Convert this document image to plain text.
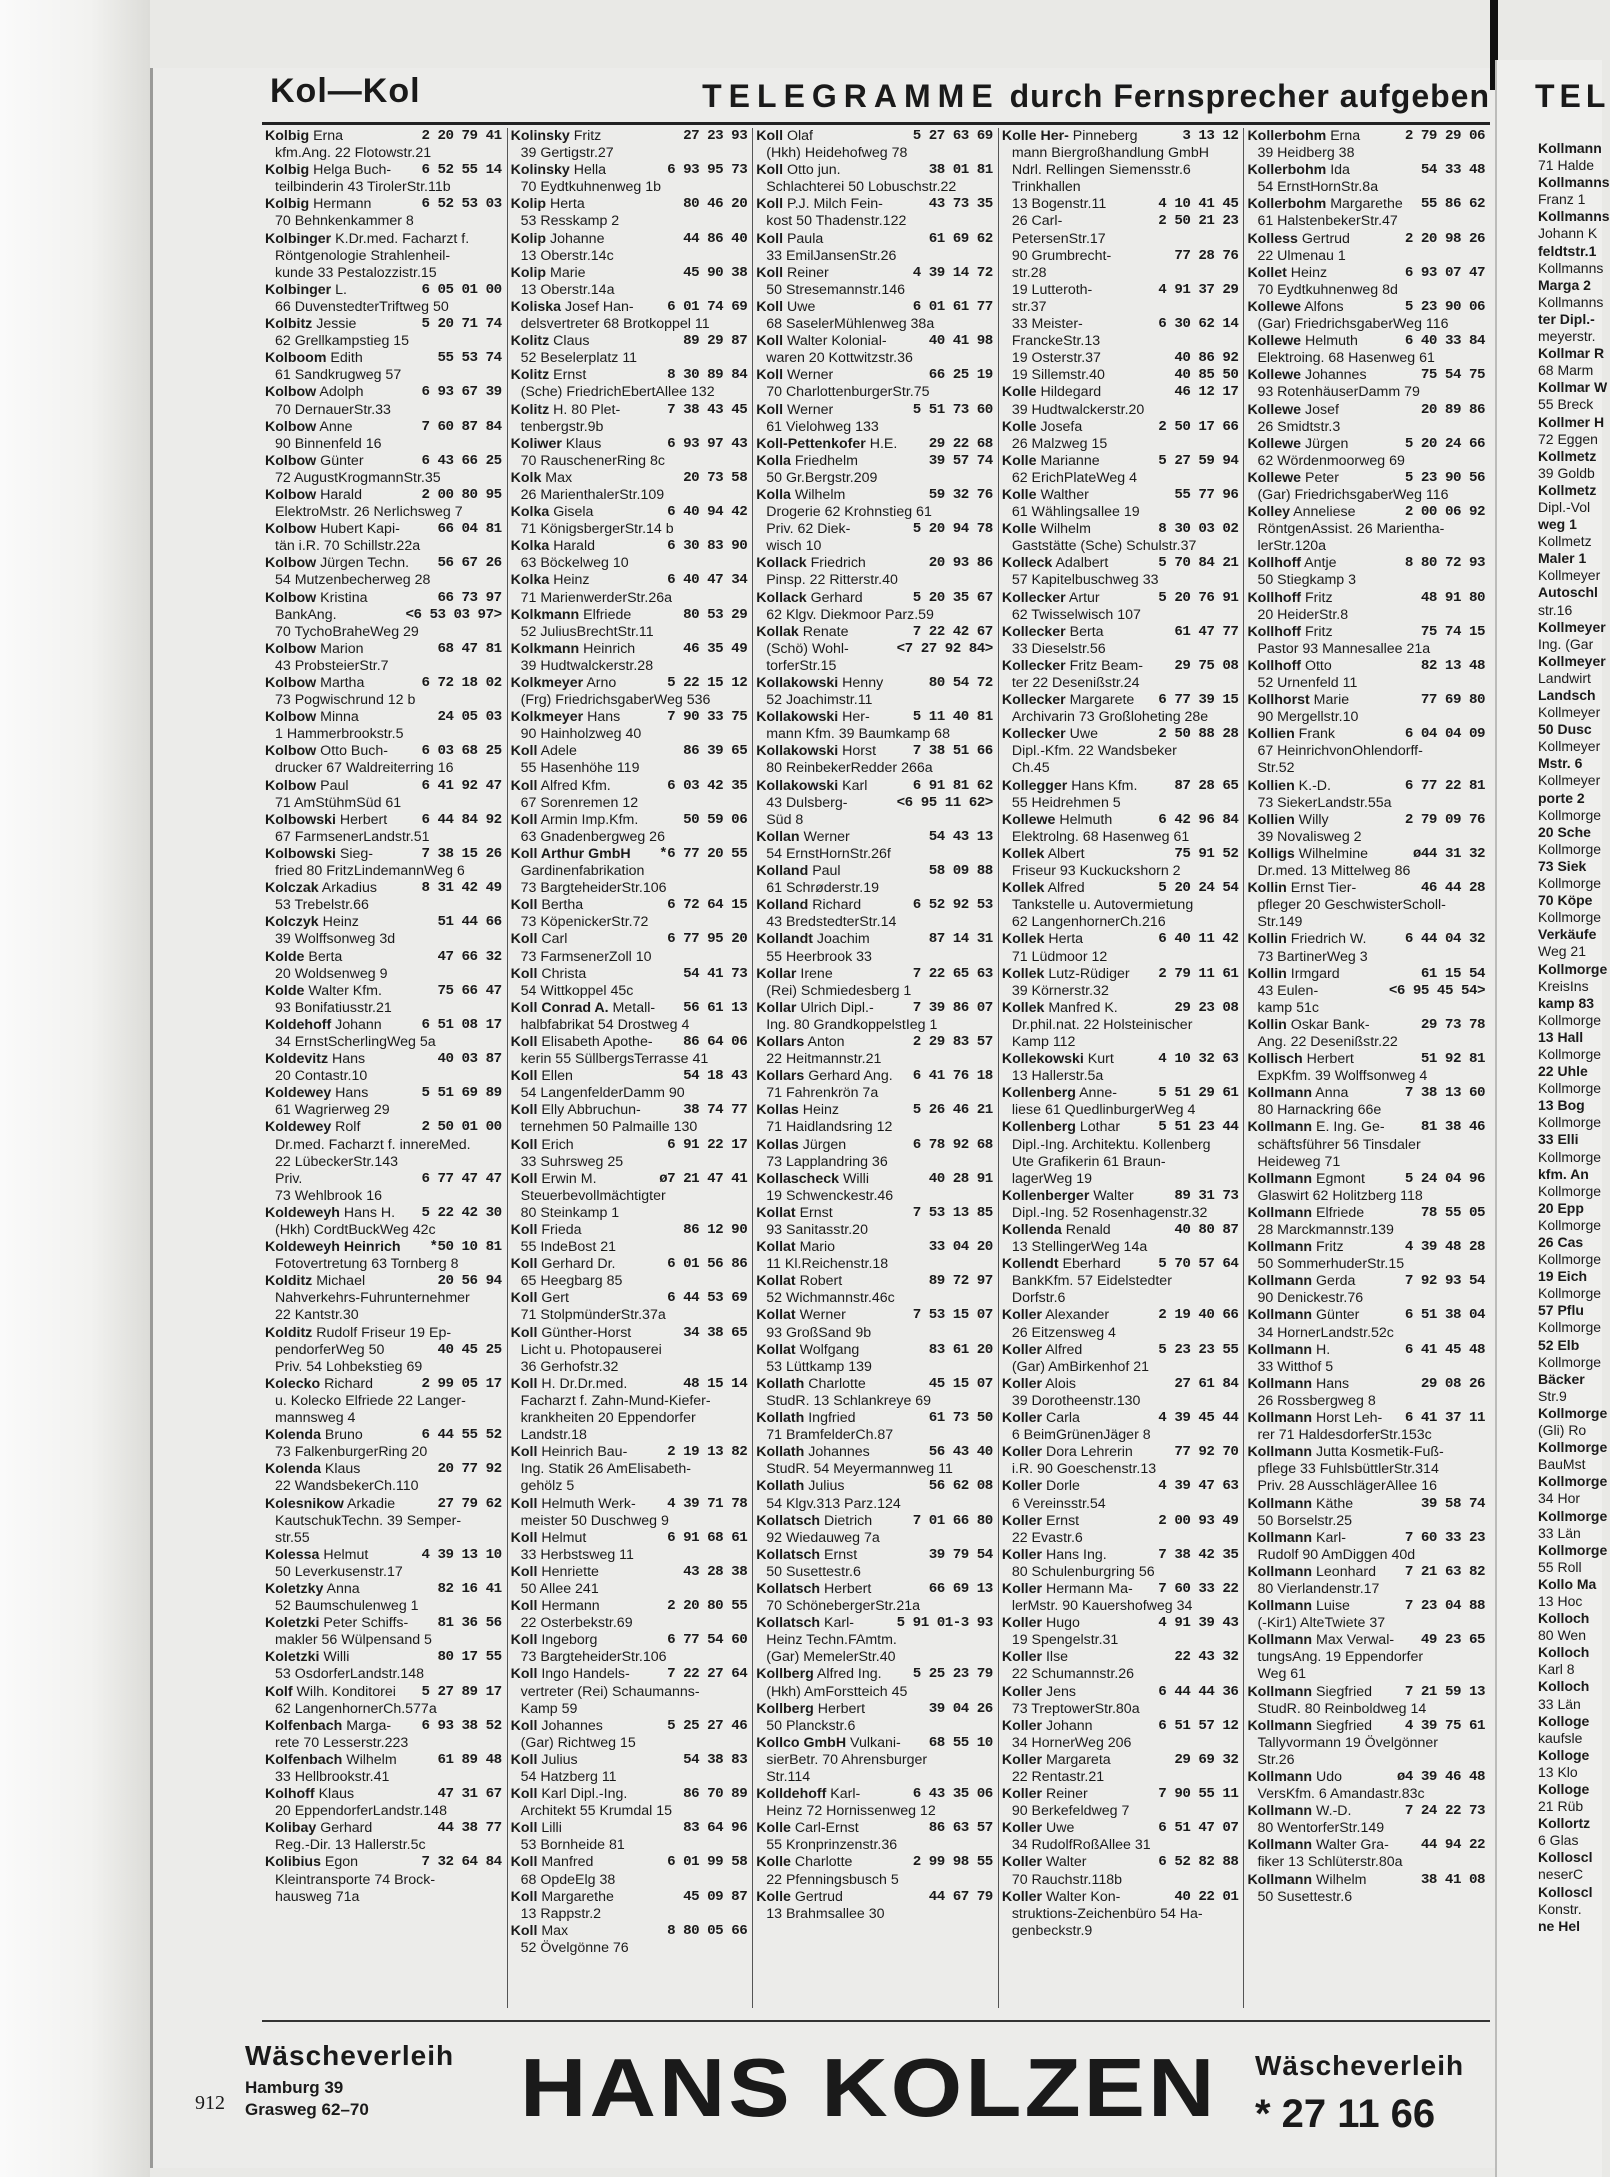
Kol—Kol	TELEGRAMME durch Fernsprecher aufgeben
Kolbig Erna	2 20 79 41
kfm.Ang. 22 Flotowstr.21
Kolbig Helga Buch- 6 52 55 14
teilbinderin 43 TirolerStr.11b
Kolbig Hermann	6 52 53 03
70 Behnkenkammer 8
Kolbinger K.Dr.med. Facharzt f.
Röntgenologie Strahlenheil-
kunde 33 Pestalozzistr.15
Kolbinger L.	6 05 01 00
66 DuvenstedterTriftweg 50
Kolbitz Jessie	5 20 71 74
62 Grellkampstieg 15
Kolboom Edith	55 53 74
61 Sandkrugweg 57
Kolbow Adolph	6 93 67 39
70 DernauerStr.33
Kolbow Anne	7 60 87 84
90 Binnenfeld 16
Kolbow Günter	6 43 66 25
72 AugustKrogmannStr.35
Kolbow Harald	2 00 80 95
ElektroMstr. 26 Nerlichsweg 7
Kolbow Hubert Kapi-	66 04 81
tän i.R. 70 Schillstr.22a
Kolbow Jürgen Techn. 56 67 26
54 Mutzenbecherweg 28
Kolbow Kristina	66 73 97
BankAng.	<6 53 03 97>
70 TychoBraheWeg 29
Kolbow Marion	68 47 81
43 ProbsteierStr.7
Kolbow Martha	6 72 18 02
73 Pogwischrund 12 b
Kolbow Minna	24 05 03
1 Hammerbrookstr.5
Kolbow Otto Buch- 6 03 68 25
drucker 67 Waldreiterring 16
Kolbow Paul	6 41 92 47
71 AmStühmSüd 61
Kolbowski Herbert 6 44 84 92
67 FarmsenerLandstr.51
Kolbowski Sieg-	7 38 15 26
fried 80 FritzLindemannWeg 6
Kolczak Arkadius	8 31 42 49
53 Trebelstr.66
Kolczyk Heinz	51 44 66
39 Wolffsonweg 3d
Kolde Berta	47 66 32
20 Woldsenweg 9
Kolde Walter Kfm.	75 66 47
93 Bonifatiusstr.21
Koldehoff Johann	6 51 08 17
34 ErnstScherlingWeg 5a
Koldevitz Hans	40 03 87
20 Contastr.10
Koldewey Hans	5 51 69 89
61 Wagrierweg 29
Koldewey Rolf	2 50 01 00
Dr.med. Facharzt f. innereMed.
22 LübeckerStr.143
Priv.	6 77 47 47
73 Wehlbrook 16
Koldeweyh Hans H. 5 22 42 30
(Hkh) CordtBuckWeg 42c
Koldeweyh Heinrich *50 10 81
Fotovertretung 63 Tornberg 8
Kolditz Michael	20 56 94
Nahverkehrs-Fuhrunternehmer
22 Kantstr.30
Kolditz Rudolf Friseur 19 Ep-
pendorferWeg 50	40 45 25
Priv. 54 Lohbekstieg 69
Kolecko Richard	2 99 05 17
u. Kolecko Elfriede 22 Langer-
mannsweg 4
Kolenda Bruno	6 44 55 52
73 FalkenburgerRing 20
Kolenda Klaus	20 77 92
22 WandsbekerCh.110
Kolesnikow Arkadie	27 79 62
KautschukTechn. 39 Semper-
str.55
Kolessa Helmut	4 39 13 10
50 Leverkusenstr.17
Koletzky Anna	82 16 41
52 Baumschulenweg 1
Koletzki Peter Schiffs- 81 36 56
makler 56 Wülpensand 5
Koletzki Willi	80 17 55
53 OsdorferLandstr.148
Kolf Wilh. Konditorei 5 27 89 17
62 LangenhornerCh.577a
Kolfenbach Marga- 6 93 38 52
rete 70 Lesserstr.223
Kolfenbach Wilhelm	61 89 48
33 Hellbrookstr.41
Kolhoff Klaus	47 31 67
20 EppendorferLandstr.148
Kolibay Gerhard	44 38 77
Reg.-Dir. 13 Hallerstr.5c
Kolibius Egon	7 32 64 84
Kleintransporte 74 Brock-
hausweg 71a
Kolinsky Fritz	27 23 93
39 Gertigstr.27
Kolinsky Hella	6 93 95 73
70 Eydtkuhnenweg 1b
Kolip Herta	80 46 20
53 Resskamp 2
Kolip Johanne	44 86 40
13 Oberstr.14c
Kolip Marie	45 90 38
13 Oberstr.14a
Koliska Josef Han- 6 01 74 69
delsvertreter 68 Brotkoppel 11
Kolitz Claus	89 29 87
52 Beselerplatz 11
Kolitz Ernst	8 30 89 84
(Sche) FriedrichEbertAllee 132
Kolitz H. 80 Plet-	7 38 43 45
tenbergstr.9b
Koliwer Klaus	6 93 97 43
70 RauschenerRing 8c
Kolk Max	20 73 58
26 MarienthalerStr.109
Kolka Gisela	6 40 94 42
71 KönigsbergerStr.14 b
Kolka Harald	6 30 83 90
63 Böckelweg 10
Kolka Heinz	6 40 47 34
71 MarienwerderStr.26a
Kolkmann Elfriede	80 53 29
52 JuliusBrechtStr.11
Kolkmann Heinrich	46 35 49
39 Hudtwalckerstr.28
Kolkmeyer Arno	5 22 15 12
(Frg) FriedrichsgaberWeg 536
Kolkmeyer Hans	7 90 33 75
90 Hainholzweg 40
Koll Adele	86 39 65
55 Hasenhöhe 119
Koll Alfred Kfm.	6 03 42 35
67 Sorenremen 12
Koll Armin Imp.Kfm.	50 59 06
63 Gnadenbergweg 26
Koll Arthur GmbH *6 77 20 55
Gardinenfabrikation
73 BargteheiderStr.106
Koll Bertha	6 72 64 15
73 KöpenickerStr.72
Koll Carl	6 77 95 20
73 FarmsenerZoll 10
Koll Christa	54 41 73
54 Wittkoppel 45c
Koll Conrad A. Metall- 56 61 13
halbfabrikat 54 Drostweg 4
Koll Elisabeth Apothe- 86 64 06
kerin 55 SüllbergsTerrasse 41
Koll Ellen	54 18 43
54 LangenfelderDamm 90
Koll Elly Abbruchun-	38 74 77
ternehmen 50 Palmaille 130
Koll Erich	6 91 22 17
33 Suhrsweg 25
Koll Erwin M.	ø7 21 47 41
Steuerbevollmächtigter
80 Steinkamp 1
Koll Frieda	86 12 90
55 IndeBost 21
Koll Gerhard Dr.	6 01 56 86
65 Heegbarg 85
Koll Gert	6 44 53 69
71 StolpmünderStr.37a
Koll Günther-Horst	34 38 65
Licht u. Photopauserei
36 Gerhofstr.32
Koll H. Dr.Dr.med.	48 15 14
Facharzt f. Zahn-Mund-Kiefer-
krankheiten 20 Eppendorfer
Landstr.18
Koll Heinrich Bau-	2 19 13 82
Ing. Statik 26 AmElisabeth-
gehölz 5
Koll Helmuth Werk- 4 39 71 78
meister 50 Duschweg 9
Koll Helmut	6 91 68 61
33 Herbstsweg 11
Koll Henriette	43 28 38
50 Allee 241
Koll Hermann	2 20 80 55
22 Osterbekstr.69
Koll Ingeborg	6 77 54 60
73 BargteheiderStr.106
Koll Ingo Handels-	7 22 27 64
vertreter (Rei) Schaumanns-
Kamp 59
Koll Johannes	5 25 27 46
(Gar) Richtweg 15
Koll Julius	54 38 83
54 Hatzberg 11
Koll Karl Dipl.-Ing.	86 70 89
Architekt 55 Krumdal 15
Koll Lilli	83 64 96
53 Bornheide 81
Koll Manfred	6 01 99 58
68 OpdeElg 38
Koll Margarethe	45 09 87
13 Rappstr.2
Koll Max	8 80 05 66
52 Övelgönne 76
Koll Olaf	5 27 63 69
(Hkh) Heidehofweg 78
Koll Otto jun.	38 01 81
Schlachterei 50 Lobuschstr.22
Koll P.J. Milch Fein-	43 73 35
kost 50 Thadenstr.122
Koll Paula	61 69 62
33 EmilJansenStr.26
Koll Reiner	4 39 14 72
50 Stresemannstr.146
Koll Uwe	6 01 61 77
68 SaselerMühlenweg 38a
Koll Walter Kolonial-	40 41 98
waren 20 Kottwitzstr.36
Koll Werner	66 25 19
70 CharlottenburgerStr.75
Koll Werner	5 51 73 60
61 Vielohweg 133
Koll-Pettenkofer H.E. 29 22 68
Kolla Friedhelm	39 57 74
50 Gr.Bergstr.209
Kolla Wilhelm	59 32 76
Drogerie 62 Krohnstieg 61
Priv. 62 Diek-	5 20 94 78
wisch 10
Kollack Friedrich	20 93 86
Pinsp. 22 Ritterstr.40
Kollack Gerhard	5 20 35 67
62 Klgv. Diekmoor Parz.59
Kollak Renate	7 22 42 67
(Schö) Wohl-	<7 27 92 84>
torferStr.15
Kollakowski Henny	80 54 72
52 Joachimstr.11
Kollakowski Her-	5 11 40 81
mann Kfm. 39 Baumkamp 68
Kollakowski Horst	7 38 51 66
80 ReinbekerRedder 266a
Kollakowski Karl	6 91 81 62
43 Dulsberg-	<6 95 11 62>
Süd 8
Kollan Werner	54 43 13
54 ErnstHornStr.26f
Kolland Paul	58 09 88
61 Schrøderstr.19
Kolland Richard	6 52 92 53
43 BredstedterStr.14
Kollandt Joachim	87 14 31
55 Heerbrook 33
Kollar Irene	7 22 65 63
(Rei) Schmiedesberg 1
Kollar Ulrich Dipl.-	7 39 86 07
Ing. 80 GrandkoppelstIeg 1
Kollars Anton	2 29 83 57
22 Heitmannstr.21
Kollars Gerhard Ang. 6 41 76 18
71 Fahrenkrön 7a
Kollas Heinz	5 26 46 21
71 Haidlandsring 12
Kollas Jürgen	6 78 92 68
73 Lapplandring 36
Kollascheck Willi	40 28 91
19 Schwenckestr.46
Kollat Ernst	7 53 13 85
93 Sanitasstr.20
Kollat Mario	33 04 20
11 Kl.Reichenstr.18
Kollat Robert	89 72 97
52 Wichmannstr.46c
Kollat Werner	7 53 15 07
93 GroßSand 9b
Kollat Wolfgang	83 61 20
53 Lüttkamp 139
Kollath Charlotte	45 15 07
StudR. 13 Schlankreye 69
Kollath Ingfried	61 73 50
71 BramfelderCh.87
Kollath Johannes	56 43 40
StudR. 54 Meyermannweg 11
Kollath Julius	56 62 08
54 Klgv.313 Parz.124
Kollatsch Dietrich	7 01 66 80
92 Wiedauweg 7a
Kollatsch Ernst	39 79 54
50 Susettestr.6
Kollatsch Herbert	66 69 13
70 SchönebergerStr.21a
Kollatsch Karl-	5 91 01-3 93
Heinz Techn.FAmtm.
(Gar) MemelerStr.40
Kollberg Alfred Ing. 5 25 23 79
(Hkh) AmForstteich 45
Kollberg Herbert	39 04 26
50 Planckstr.6
Kollco GmbH Vulkani- 68 55 10
sierBetr. 70 Ahrensburger
Str.114
Kolldehoff Karl-	6 43 35 06
Heinz 72 Hornissenweg 12
Kolle Carl-Ernst	86 63 57
55 Kronprinzenstr.36
Kolle Charlotte	2 99 98 55
22 Pfenningsbusch 5
Kolle Gertrud	44 67 79
13 Brahmsallee 30
Kolle Her- Pinneberg	3 13 12
mann Biergroßhandlung GmbH
Ndrl. Rellingen Siemensstr.6
Trinkhallen
13 Bogenstr.11	4 10 41 45
26 Carl-	2 50 21 23
PetersenStr.17
90 Grumbrecht-	77 28 76
str.28
19 Lutteroth-	4 91 37 29
str.37
33 Meister-	6 30 62 14
FranckeStr.13
19 Osterstr.37	40 86 92
19 Sillemstr.40	40 85 50
Kolle Hildegard	46 12 17
39 Hudtwalckerstr.20
Kolle Josefa	2 50 17 66
26 Malzweg 15
Kolle Marianne	5 27 59 94
62 ErichPlateWeg 4
Kolle Walther	55 77 96
61 Wählingsallee 19
Kolle Wilhelm	8 30 03 02
Gaststätte (Sche) Schulstr.37
Kolleck Adalbert	5 70 84 21
57 Kapitelbuschweg 33
Kollecker Artur	5 20 76 91
62 Twisselwisch 107
Kollecker Berta	61 47 77
33 Dieselstr.56
Kollecker Fritz Beam- 29 75 08
ter 22 Desenißstr.24
Kollecker Margarete 6 77 39 15
Archivarin 73 Großloheting 28e
Kollecker Uwe	2 50 88 28
Dipl.-Kfm. 22 Wandsbeker
Ch.45
Kollegger Hans Kfm.	87 28 65
55 Heidrehmen 5
Kollewe Helmuth	6 42 96 84
Elektrolng. 68 Hasenweg 61
Kollek Albert	75 91 52
Friseur 93 Kuckuckshorn 2
Kollek Alfred	5 20 24 54
Tankstelle u. Autovermietung
62 LangenhornerCh.216
Kollek Herta	6 40 11 42
71 Lüdmoor 12
Kollek Lutz-Rüdiger 2 79 11 61
39 Körnerstr.32
Kollek Manfred K.	29 23 08
Dr.phil.nat. 22 Holsteinischer
Kamp 112
Kollekowski Kurt	4 10 32 63
13 Hallerstr.5a
Kollenberg Anne-	5 51 29 61
liese 61 QuedlinburgerWeg 4
Kollenberg Lothar	5 51 23 44
Dipl.-Ing. Architektu. Kollenberg
Ute Grafikerin 61 Braun-
lagerWeg 19
Kollenberger Walter	89 31 73
Dipl.-Ing. 52 Rosenhagenstr.32
Kollenda Renald	40 80 87
13 StellingerWeg 14a
Kollendt Eberhard	5 70 57 64
BankKfm. 57 Eidelstedter
Dorfstr.6
Koller Alexander	2 19 40 66
26 Eitzensweg 4
Koller Alfred	5 23 23 55
(Gar) AmBirkenhof 21
Koller Alois	27 61 84
39 Dorotheenstr.130
Koller Carla	4 39 45 44
6 BeimGrünenJäger 8
Koller Dora Lehrerin	77 92 70
i.R. 90 Goeschenstr.13
Koller Dorle	4 39 47 63
6 Vereinsstr.54
Koller Ernst	2 00 93 49
22 Evastr.6
Koller Hans Ing.	7 38 42 35
80 Schulenburgring 56
Koller Hermann Ma- 7 60 33 22
lerMstr. 90 Kauershofweg 34
Koller Hugo	4 91 39 43
19 Spengelstr.31
Koller Ilse	22 43 32
22 Schumannstr.26
Koller Jens	6 44 44 36
73 TreptowerStr.80a
Koller Johann	6 51 57 12
34 HornerWeg 206
Koller Margareta	29 69 32
22 Rentastr.21
Koller Reiner	7 90 55 11
90 Berkefeldweg 7
Koller Uwe	6 51 47 07
34 RudolfRoßAllee 31
Koller Walter	6 52 82 88
70 Rauchstr.118b
Koller Walter Kon-	40 22 01
struktions-Zeichenbüro 54 Ha-
genbeckstr.9
Kollerbohm Erna	2 79 29 06
39 Heidberg 38
Kollerbohm Ida	54 33 48
54 ErnstHornStr.8a
Kollerbohm Margarethe 55 86 62
61 HalstenbekerStr.47
Kolless Gertrud	2 20 98 26
22 Ulmenau 1
Kollet Heinz	6 93 07 47
70 Eydtkuhnenweg 8d
Kollewe Alfons	5 23 90 06
(Gar) FriedrichsgaberWeg 116
Kollewe Helmuth	6 40 33 84
Elektroing. 68 Hasenweg 61
Kollewe Johannes	75 54 75
93 RotenhäuserDamm 79
Kollewe Josef	20 89 86
26 Smidtstr.3
Kollewe Jürgen	5 20 24 66
62 Wördenmoorweg 69
Kollewe Peter	5 23 90 56
(Gar) FriedrichsgaberWeg 116
Kolley Anneliese	2 00 06 92
RöntgenAssist. 26 Marientha-
lerStr.120a
Kollhoff Antje	8 80 72 93
50 Stiegkamp 3
Kollhoff Fritz	48 91 80
20 HeiderStr.8
Kollhoff Fritz	75 74 15
Pastor 93 Mannesallee 21a
Kollhoff Otto	82 13 48
52 Urnenfeld 11
Kollhorst Marie	77 69 80
90 Mergellstr.10
Kollien Frank	6 04 04 09
67 HeinrichvonOhlendorff-
Str.52
Kollien K.-D.	6 77 22 81
73 SiekerLandstr.55a
Kollien Willy	2 79 09 76
39 Novalisweg 2
Kolligs Wilhelmine	ø44 31 32
Dr.med. 13 Mittelweg 86
Kollin Ernst Tier-	46 44 28
pfleger 20 GeschwisterScholl-
Str.149
Kollin Friedrich W.	6 44 04 32
73 BartinerWeg 3
Kollin Irmgard	61 15 54
43 Eulen-	<6 95 45 54>
kamp 51c
Kollin Oskar Bank-	29 73 78
Ang. 22 Desenißstr.22
Kollisch Herbert	51 92 81
ExpKfm. 39 Wolffsonweg 4
Kollmann Anna	7 38 13 60
80 Harnackring 66e
Kollmann E. Ing. Ge-	81 38 46
schäftsführer 56 Tinsdaler
Heideweg 71
Kollmann Egmont	5 24 04 96
Glaswirt 62 Holitzberg 118
Kollmann Elfriede	78 55 05
28 Marckmannstr.139
Kollmann Fritz	4 39 48 28
50 SommerhuderStr.15
Kollmann Gerda	7 92 93 54
90 Denickestr.76
Kollmann Günter	6 51 38 04
34 HornerLandstr.52c
Kollmann H.	6 41 45 48
33 Witthof 5
Kollmann Hans	29 08 26
26 Rossbergweg 8
Kollmann Horst Leh- 6 41 37 11
rer 71 HaldesdorferStr.153c
Kollmann Jutta Kosmetik-Fuß-
pflege 33 FuhlsbüttlerStr.314
Priv. 28 AusschlägerAllee 16
Kollmann Käthe	39 58 74
50 Borselstr.25
Kollmann Karl-	7 60 33 23
Rudolf 90 AmDiggen 40d
Kollmann Leonhard 7 21 63 82
80 Vierlandenstr.17
Kollmann Luise	7 23 04 88
(-Kir1) AlteTwiete 37
Kollmann Max Verwal- 49 23 65
tungsAng. 19 Eppendorfer
Weg 61
Kollmann Siegfried 7 21 59 13
StudR. 80 Reinboldweg 14
Kollmann Siegfried 4 39 75 61
Tallyvormann 19 Övelgönner
Str.26
Kollmann Udo	ø4 39 46 48
VersKfm. 6 Amandastr.83c
Kollmann W.-D.	7 24 22 73
80 WentorferStr.149
Kollmann Walter Gra- 44 94 22
fiker 13 Schlüterstr.80a
Kollmann Wilhelm	38 41 08
50 Susettestr.6
TEL
Kollmann
71 Halde
Kollmanns
Franz 1
Kollmanns
Johann K
feldtstr.1
Kollmanns
Marga 2
Kollmanns
ter Dipl.-
meyerstr.
Kollmar R
68 Marm
Kollmar W
55 Breck
Kollmer H
72 Eggen
Kollmetz
39 Goldb
Kollmetz
Dipl.-Vol
weg 1
Kollmetz
Maler 1
Kollmeyer
Autoschl
str.16
Kollmeyer
Ing. (Gar
Kollmeyer
Landwirt
Landsch
Kollmeyer
50 Dusc
Kollmeyer
Mstr. 6
Kollmeyer
porte 2
Kollmorge
20 Sche
Kollmorge
73 Siek
Kollmorge
70 Köpe
Kollmorge
Verkäufe
Weg 21
Kollmorge
KreisIns
kamp 83
Kollmorge
13 Hall
Kollmorge
22 Uhle
Kollmorge
13 Bog
Kollmorge
33 Elli
Kollmorge
kfm. An
Kollmorge
20 Epp
Kollmorge
26 Cas
Kollmorge
19 Eich
Kollmorge
57 Pflu
Kollmorge
52 Elb
Kollmorge
Bäcker
Str.9
Kollmorge
(Gli) Ro
Kollmorge
BauMst
Kollmorge
34 Hor
Kollmorge
33 Län
Kollmorge
55 Roll
Kollo Ma
13 Hoc
Kolloch
80 Wen
Kolloch
Karl 8
Kolloch
33 Län
Kolloge
kaufsle
Kolloge
13 Klo
Kolloge
21 Rüb
Kollortz
6 Glas
Kolloscl
neserC
Kolloscl
Konstr.
ne Hel
912
Wäscheverleih
Hamburg 39
Grasweg 62–70	HANS KOLZEN Wäscheverleih
* 27 11 66
